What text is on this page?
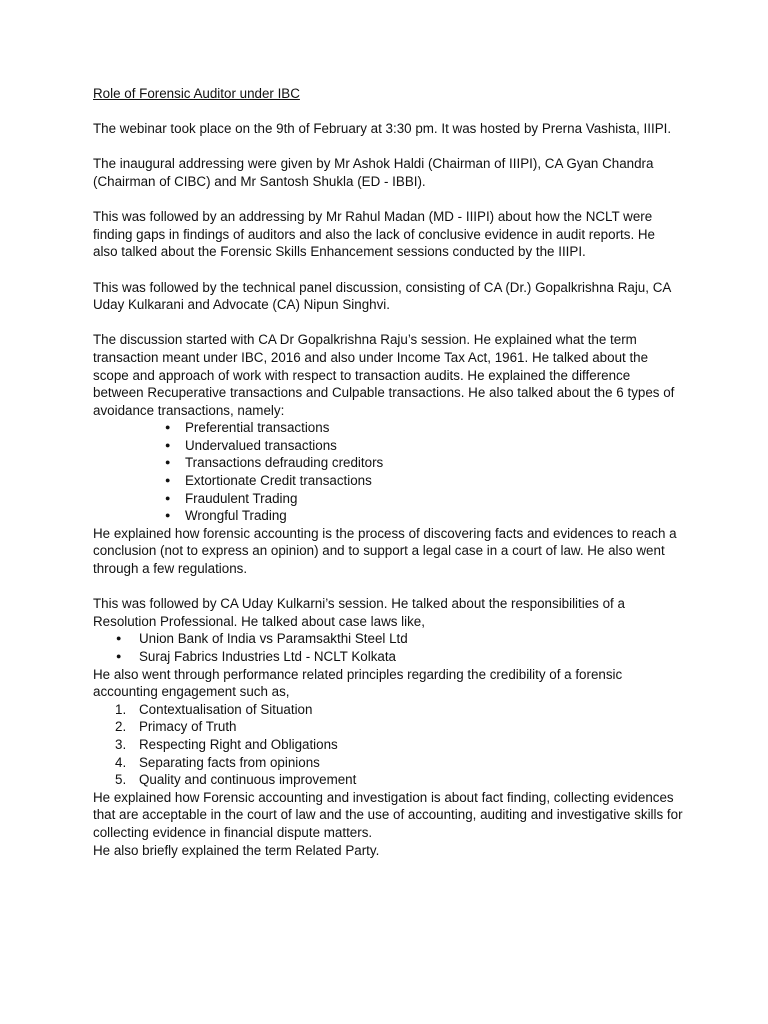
Role of Forensic Auditor under IBC

The webinar took place on the 9th of February at 3:30 pm. It was hosted by Prerna Vashista, IIIPI.

The inaugural addressing were given by Mr Ashok Haldi (Chairman of IIIPI), CA Gyan Chandra (Chairman of CIBC) and Mr Santosh Shukla (ED - IBBI).

This was followed by an addressing by Mr Rahul Madan (MD - IIIPI) about how the NCLT were finding gaps in findings of auditors and also the lack of conclusive evidence in audit reports. He also talked about the Forensic Skills Enhancement sessions conducted by the IIIPI.

This was followed by the technical panel discussion, consisting of CA (Dr.) Gopalkrishna Raju, CA Uday Kulkarani and Advocate (CA) Nipun Singhvi.

The discussion started with CA Dr Gopalkrishna Raju’s session. He explained what the term transaction meant under IBC, 2016 and also under Income Tax Act, 1961. He talked about the scope and approach of work with respect to transaction audits. He explained the difference between Recuperative transactions and Culpable transactions. He also talked about the 6 types of avoidance transactions, namely:

● Preferential transactions
● Undervalued transactions
● Transactions defrauding creditors
● Extortionate Credit transactions
● Fraudulent Trading
● Wrongful Trading

He explained how forensic accounting is the process of discovering facts and evidences to reach a conclusion (not to express an opinion) and to support a legal case in a court of law. He also went through a few regulations.

This was followed by CA Uday Kulkarni’s session. He talked about the responsibilities of a Resolution Professional. He talked about case laws like,

● Union Bank of India vs Paramsakthi Steel Ltd
● Suraj Fabrics Industries Ltd - NCLT Kolkata

He also went through performance related principles regarding the credibility of a forensic accounting engagement such as,

1. Contextualisation of Situation
2. Primacy of Truth
3. Respecting Right and Obligations
4. Separating facts from opinions
5. Quality and continuous improvement

He explained how Forensic accounting and investigation is about fact finding, collecting evidences that are acceptable in the court of law and the use of accounting, auditing and investigative skills for collecting evidence in financial dispute matters.

He also briefly explained the term Related Party.
